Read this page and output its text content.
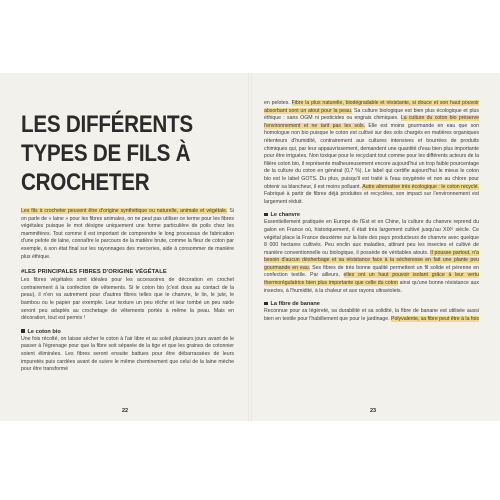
LES DIFFÉRENTS TYPES DE FILS À CROCHETER

Les fils à crocheter peuvent être d'origine synthétique ou naturelle, animale et végétale. Si on parle de « laine » pour les fibres animales, on ne peut pas utiliser ce terme pour les fibres végétales puisque le mot désigne uniquement une forme particulière de poils chez les mammifères. Tout comme il est important de comprendre le long processus de fabrication d'une pelote de laine, connaître le parcours de la matière brute, comme la fleur de coton par exemple, à son état final sur les rayonnages des merceries, aide à consommer de manière plus éthique.

#LES PRINCIPALES FIBRES D'ORIGINE VÉGÉTALE

Les fibres végétales sont idéales pour les accessoires de décoration en crochet contrairement à la confection de vêtements. Si le coton bio (c'est doux au contact de la peau), il n'en va autrement pour d'autres fibres telles que le chanvre, le lin, le jute, le bambou ou le papier par exemple. Leur texture un peu rêche et leur tombé un peu raide seront peu adaptés au crochetage de vêtements portés à même la peau. Mais en décoration, tout est permis !

Le coton bio

Une fois récolté, on laisse sécher le coton à l'air libre et au soleil plusieurs jours avant de le passer à l'égrenage pour que la fibre soit séparée de la tige et que les graines de cotonnier soient éliminées. Les fibres seront ensuite battues pour être débarrassées de leurs impuretés puis cardées avant de suivre le même cheminement que celui de la laine mèche pour être transformé

en pelotes. Fibre la plus naturelle, biodégradable et résistante, si douce et son haut pouvoir absorbant sont un atout pour la peau. Sa culture biologique est bien plus écologique et plus éthique : sans OGM ni pesticides ou engrais chimiques. La culture du coton bio préserve l'environnement et ne tarit pas les sols. Elle est moins gourmande en eau que son homologue non bio puisque le coton est cultivé sur des sols chargés en matières organiques rétenteurs d'humidité, contrairement aux cultures intensives et bourrées de produits chimiques qui, par leur appauvrissement, demandent une quantité d'eau bien plus importante pour être irriguées. Non toxique pour le recyclant tout comme pour les différents acteurs de la filière coton bio, il représente malheureusement encore aujourd'hui un trop faible pourcentage de la culture du coton en général (0,7 %). Le label qui certifie aujourd'hui le mieux le coton bio est le label GOTS. Du plus, puisqu'il est traité à l'eau oxygénée et non au chlore pour obtenir sa blancheur, il est moins polluant. Autre alternative très écologique : le coton recyclé. Fabriqué à partir de fibres déjà produites et recyclées, son impact sur l'environnement est largement réduit.

Le chanvre

Essentiellement pratiquée en Europe de l'Est et en Chine, la culture du chanvre reprend du galon en France où, historiquement, il était très largement cultivé jusqu'au XIXᵉ siècle. Ce végétal place la France deuxième sur la liste des pays producteurs de chanvre avec quelque 8 000 hectares cultivés. Peu enclin aux maladies, attirant peu les insectes et cultivé de manière conventionnelle ou biologique, il possède de véritables atouts. Il pousse partout, n'a besoin d'aucun désherbage et sa résistance face à la sécheresse en fait une plante peu gourmande en eau. Ses fibres de très bonne qualité permettent un fil solide et pérenne en confection textile. Par ailleurs, elles ont un haut pouvoir isolant grâce à leur vertu thermorégulatrice bien plus importante que celle du coton ainsi qu'une bonne résistance aux insectes, à l'humidité, à la chaleur et aux rayons ultraviolets.

La fibre de banane

Reconnue pour sa légèreté, sa durabilité et sa solidité, la fibre de banane est utilisée aussi bien en textile pour l'habillement que pour le jardinage. Polyvalente, sa fibre peut être à la fois

22	23
